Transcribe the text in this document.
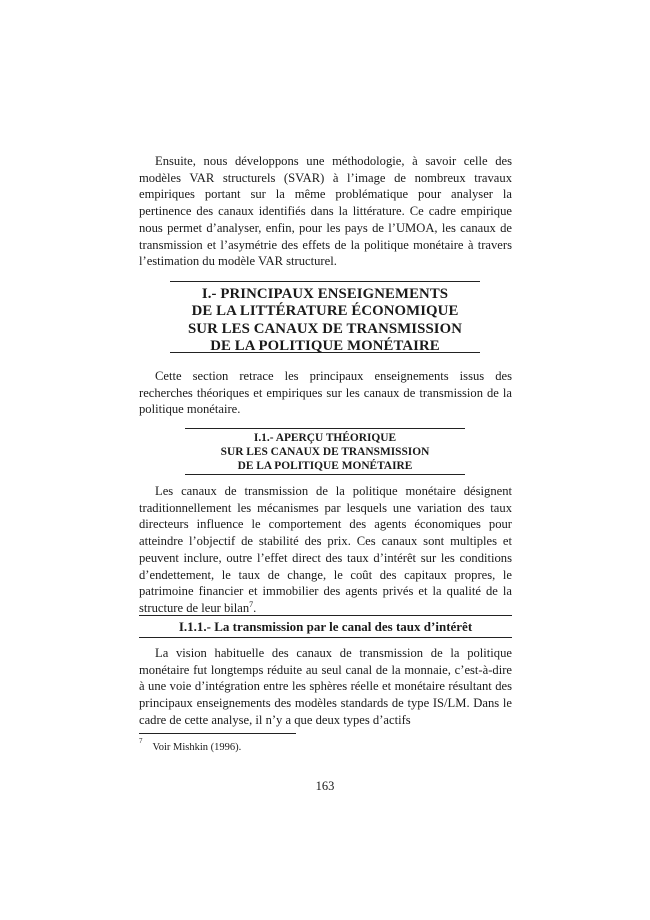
Ensuite, nous développons une méthodologie, à savoir celle des modèles VAR structurels (SVAR) à l’image de nombreux travaux empiriques portant sur la même problématique pour analyser la pertinence des canaux identifiés dans la littérature. Ce cadre empirique nous permet d’analyser, enfin, pour les pays de l’UMOA, les canaux de transmission et l’asymétrie des effets de la politique monétaire à travers l’estimation du modèle VAR structurel.

I.- PRINCIPAUX ENSEIGNEMENTS
DE LA LITTÉRATURE ÉCONOMIQUE
SUR LES CANAUX DE TRANSMISSION
DE LA POLITIQUE MONÉTAIRE

Cette section retrace les principaux enseignements issus des recherches théoriques et empiriques sur les canaux de transmission de la politique monétaire.

I.1.- APERÇU THÉORIQUE
SUR LES CANAUX DE TRANSMISSION
DE LA POLITIQUE MONÉTAIRE

Les canaux de transmission de la politique monétaire désignent traditionnellement les mécanismes par lesquels une variation des taux directeurs influence le comportement des agents économiques pour atteindre l’objectif de stabilité des prix. Ces canaux sont multiples et peuvent inclure, outre l’effet direct des taux d’intérêt sur les conditions d’endettement, le taux de change, le coût des capitaux propres, le patrimoine financier et immobilier des agents privés et la qualité de la structure de leur bilan$^7$.

I.1.1.- La transmission par le canal des taux d’intérêt

La vision habituelle des canaux de transmission de la politique monétaire fut longtemps réduite au seul canal de la monnaie, c’est-à-dire à une voie d’intégration entre les sphères réelle et monétaire résultant des principaux enseignements des modèles standards de type IS/LM. Dans le cadre de cette analyse, il n’y a que deux types d’actifs

$^7$Voir Mishkin (1996).
163
